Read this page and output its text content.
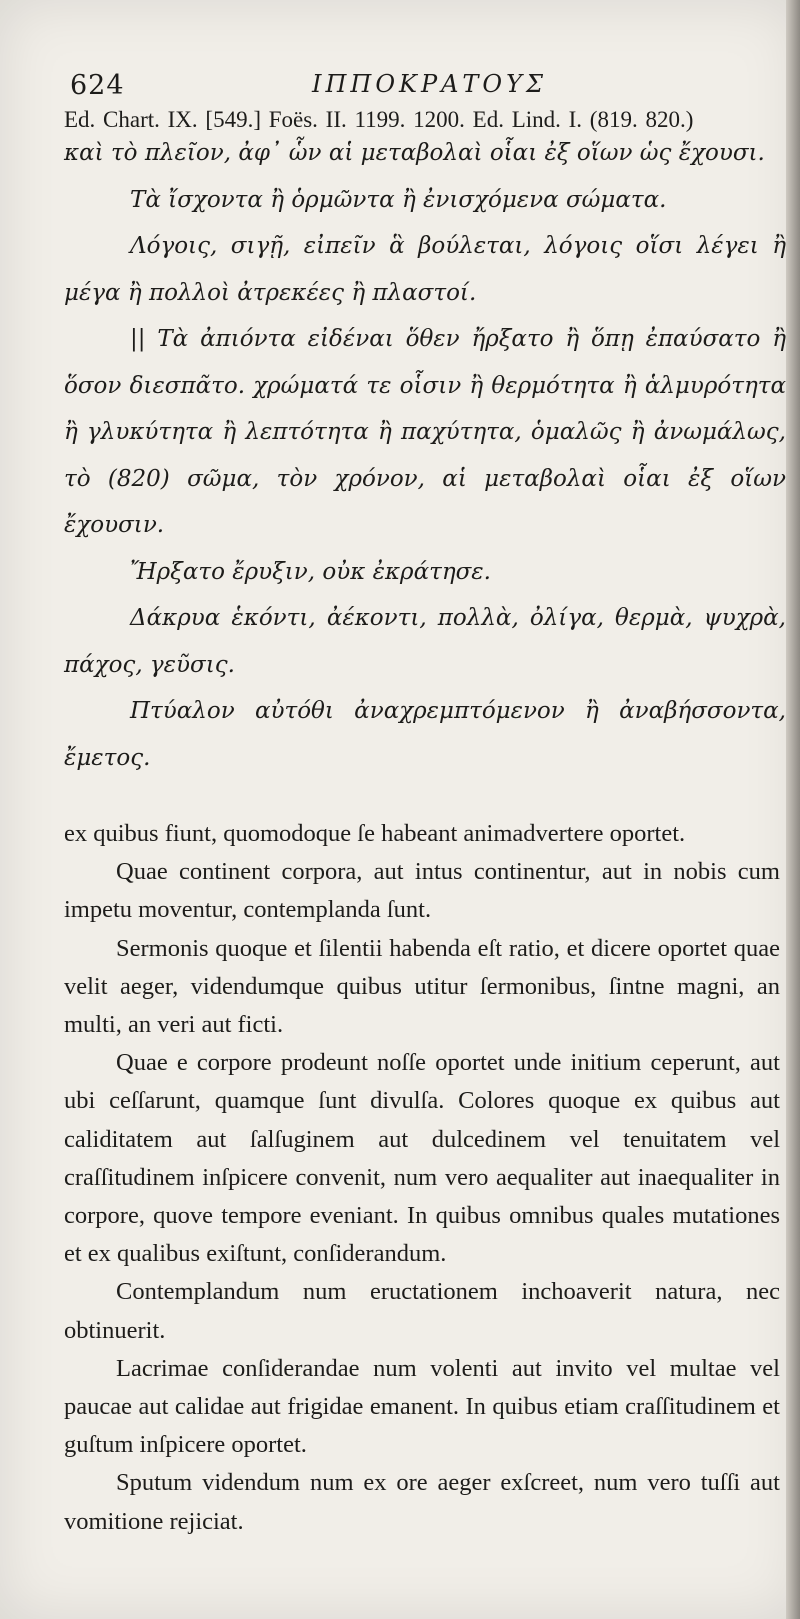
624	ΙΠΠΟΚΡΑΤΟΥΣ
Ed. Chart. IX. [549.] Foës. II. 1199. 1200. Ed. Lind. I. (819. 820.)

καὶ τὸ πλεῖον, ἀφ᾽ ὧν αἱ μεταβολαὶ οἷαι ἐξ οἵων ὡς ἔχουσι.

Τὰ ἴσχοντα ἢ ὁρμῶντα ἢ ἐνισχόμενα σώματα.

Λόγοις, σιγῇ, εἰπεῖν ἃ βούλεται, λόγοις οἵσι λέγει ἢ μέγα ἢ πολλοὶ ἀτρεκέες ἢ πλαστοί.

|| Τὰ ἀπιόντα εἰδέναι ὅθεν ἤρξατο ἢ ὅπῃ ἐπαύσατο ἢ ὅσον διεσπᾶτο. χρώματά τε οἷσιν ἢ θερμότητα ἢ ἁλμυρότητα ἢ γλυκύτητα ἢ λεπτότητα ἢ παχύτητα, ὁμαλῶς ἢ ἀνωμάλως, τὸ (820) σῶμα, τὸν χρόνον, αἱ μεταβολαὶ οἷαι ἐξ οἵων ἔχουσιν.

Ἤρξατο ἔρυξιν, οὐκ ἐκράτησε.

Δάκρυα ἑκόντι, ἀέκοντι, πολλὰ, ὀλίγα, θερμὰ, ψυχρὰ, πάχος, γεῦσις.

Πτύαλον αὐτόθι ἀναχρεμπτόμενον ἢ ἀναβήσσοντα, ἔμετος.

ex quibus fiunt, quomodoque ſe habeant animadvertere oportet.

Quae continent corpora, aut intus continentur, aut in nobis cum impetu moventur, contemplanda ſunt.

Sermonis quoque et ſilentii habenda eſt ratio, et dicere oportet quae velit aeger, videndumque quibus utitur ſermonibus, ſintne magni, an multi, an veri aut ficti.

Quae e corpore prodeunt noſſe oportet unde initium ceperunt, aut ubi ceſſarunt, quamque ſunt divulſa. Colores quoque ex quibus aut caliditatem aut ſalſuginem aut dulcedinem vel tenuitatem vel craſſitudinem inſpicere convenit, num vero aequaliter aut inaequaliter in corpore, quove tempore eveniant. In quibus omnibus quales mutationes et ex qualibus exiſtunt, conſiderandum.

Contemplandum num eructationem inchoaverit natura, nec obtinuerit.

Lacrimae conſiderandae num volenti aut invito vel multae vel paucae aut calidae aut frigidae emanent. In quibus etiam craſſitudinem et guſtum inſpicere oportet.

Sputum videndum num ex ore aeger exſcreet, num vero tuſſi aut vomitione rejiciat.
